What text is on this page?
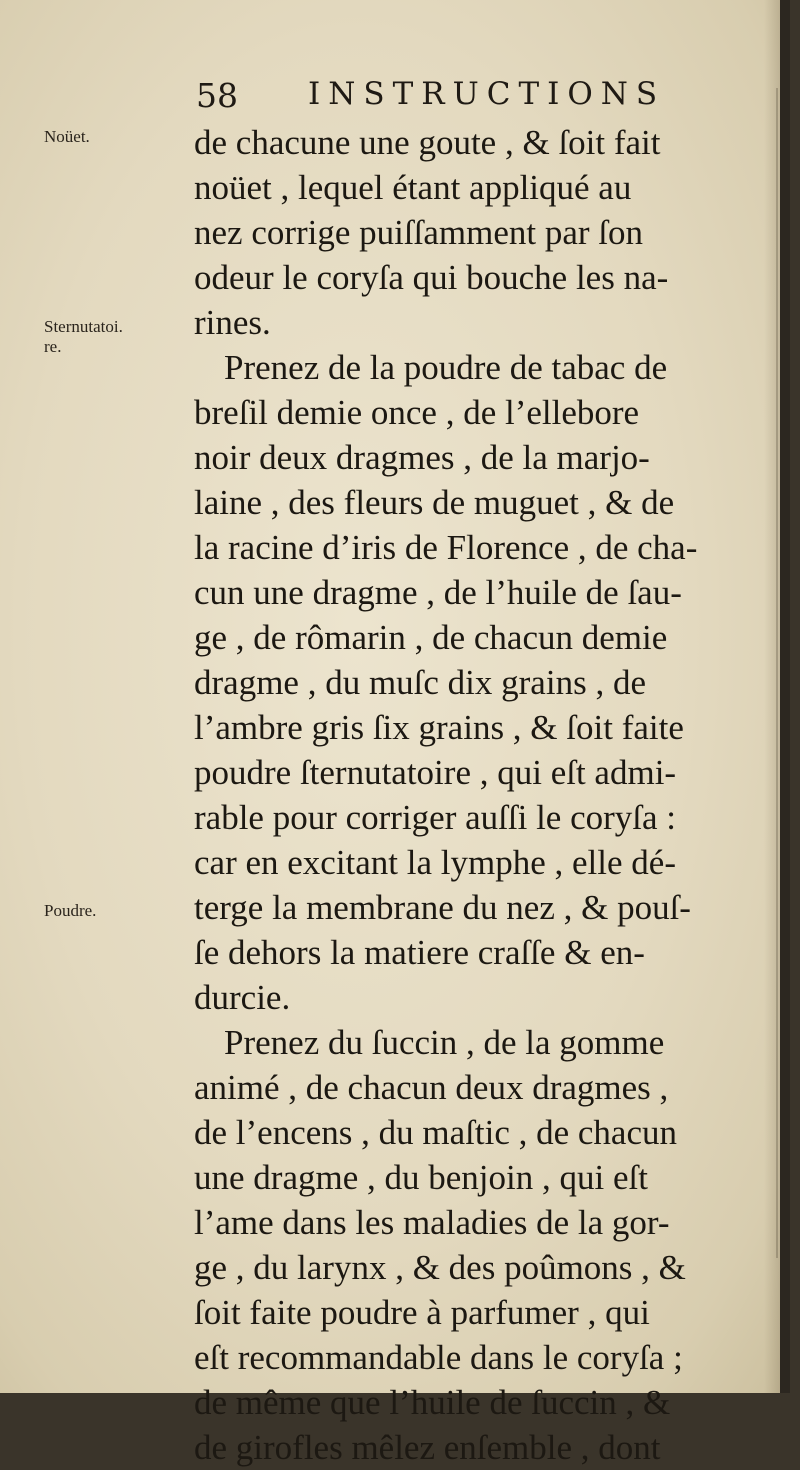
58 INSTRUCTIONS
Noüet.
Sternutatoi.
re.
Poudre.
de chacune une goute , & ſoit fait
noüet , lequel étant appliqué au
nez corrige puiſſamment par ſon
odeur le coryſa qui bouche les na-
rines.
Prenez de la poudre de tabac de
breſil demie once , de l’ellebore
noir deux dragmes , de la marjo-
laine , des fleurs de muguet , & de
la racine d’iris de Florence , de cha-
cun une dragme , de l’huile de ſau-
ge , de rômarin , de chacun demie
dragme , du muſc dix grains , de
l’ambre gris ſix grains , & ſoit faite
poudre ſternutatoire , qui eſt admi-
rable pour corriger auſſi le coryſa :
car en excitant la lymphe , elle dé-
terge la membrane du nez , & pouſ-
ſe dehors la matiere craſſe & en-
durcie.
Prenez du ſuccin , de la gomme
animé , de chacun deux dragmes ,
de l’encens , du maſtic , de chacun
une dragme , du benjoin , qui eſt
l’ame dans les maladies de la gor-
ge , du larynx , & des poûmons , &
ſoit faite poudre à parfumer , qui
eſt recommandable dans le coryſa ;
de même que l’huile de ſuccin , &
de girofles mêlez enſemble , dont
